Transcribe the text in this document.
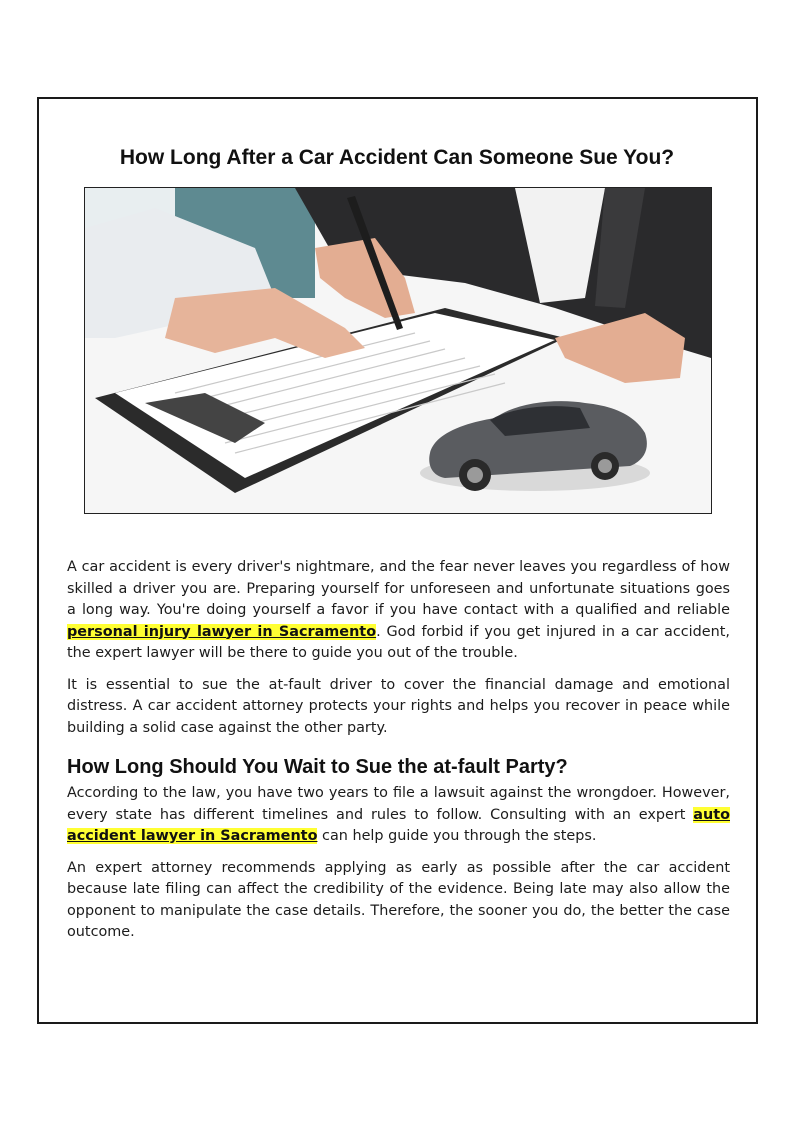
How Long After a Car Accident Can Someone Sue You?

A car accident is every driver's nightmare, and the fear never leaves you regardless of how skilled a driver you are. Preparing yourself for unforeseen and unfortunate situations goes a long way. You're doing yourself a favor if you have contact with a qualified and reliable personal injury lawyer in Sacramento. God forbid if you get injured in a car accident, the expert lawyer will be there to guide you out of the trouble.

It is essential to sue the at-fault driver to cover the financial damage and emotional distress. A car accident attorney protects your rights and helps you recover in peace while building a solid case against the other party.

How Long Should You Wait to Sue the at-fault Party?

According to the law, you have two years to file a lawsuit against the wrongdoer. However, every state has different timelines and rules to follow. Consulting with an expert auto accident lawyer in Sacramento can help guide you through the steps.

An expert attorney recommends applying as early as possible after the car accident because late filing can affect the credibility of the evidence. Being late may also allow the opponent to manipulate the case details. Therefore, the sooner you do, the better the case outcome.
